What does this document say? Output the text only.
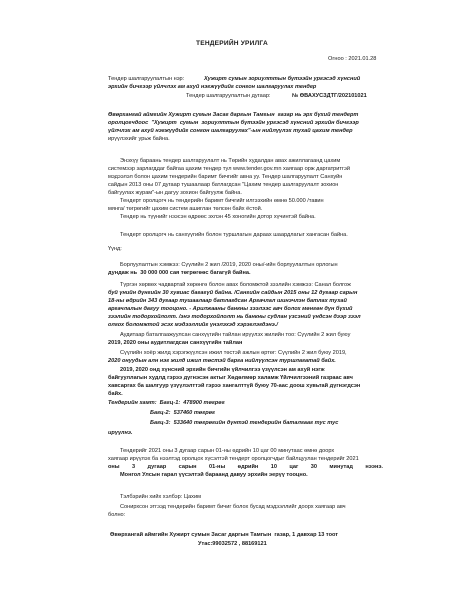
ТЕНДЕРИЙН УРИЛГА
Огноо : 2021.01.28
Тендер шалгаруулалтын нэр:	Хужирт сумын зориулттын бүтээйн ургэсэд хүнсний
эрхийн бичгээр үйлчлэх ам ахуй нэгжүүдийг сонгон шалгаруулах тендер
Тендер шалгаруулалтын дугаар:	№ ӨВАХУСЗДТГ/202101021
Өвөрхангай аймгийн Хужирт сумын Засаг даргын Тамгын  газар нь эрх бүхий тендерт
оролцогчдоос  "Хужирт  сумын  зориулттын бүтээйн ургэсэд хүнсний эрхийн бичгээр
үйлчлэх ам ахуй нэгжүүдийг сонгон шалгаруулах"-ын нийлүүлэх тухай цахим тендер
ирүүлэхийг урьж байна.
Энэхүү бараань тендер шалгаруулалт нь Төрийн худалдан авах ажиллагаанд цахим
системээр зарлагддаг байгаа цахим тендер тул www.tender.gov.mn хаягаар орж даргатритгэй
мэдээлэл болон цахим тендерийн баримт бичгийг авна уу. Тендер шалгаруулалт Санхуйн
сайдын 2013 оны 07 дугаар тушаалаар батлагдсан "Цахим тендер шалгаруулалт зохион
байгуулах журам"-ын дагуу зохион байгуулж байна.
Тендерт оролцогч нь тендерийн баримт бичгийг илгээхийн өмнө 50.000 /тавин
мянга/ төгрөгийг цахим систем ашиглан төлсөн байх ёстой.
Тендер нь түүнийг нээсэн өдрөөс эхлэн 45 хоногийн дотор хүчинтэй байна.
Тендерт оролцогч нь санхүүгийн болон туршлагын дараах шаардлагыг хангасан байна.
Үүнд:
Борлуулалтын хэмжээ: Сүүлийн 2 жил /2019, 2020 оны/-ийн борлуулалтын орлогын
дундаж нь  30 000 000 сая төгрөгөөс багагүй байна.
Түргэн хөрвөх чадвартай хөрөнгө болон авах боломжтой зээлийн хэмжээ: Санал болгож
буй үнийн дүнгийн 30 хувиас багагүй байна. /Сангийн сайдын 2015 оны 12 дугаар сарын
18-ны өдрийн 343 дугаар тушаалаар батлагдсан Аргачлал шинэчлэн батлах тухай
аргачлалын дагуу тооцоно. - Арилжааны банкны зээлээс авч болох мөнгөн дүн бүхий
зээлийн тодорхойлолт. /энэ тодорхойлолт нь банкны судлан үзсэний үндсэн дээр зээл
олгох боломжтой эсэх мэдээллийг үнэлэхэд хэрэглэгдэнэ./
Аудитаар баталгаажуулсан санхүүгийн тайлан ирүүлэх жилийн тоо: Сүүлийн 2 жил буюу
2019, 2020 оны аудитлагдсан санхүүгийн тайлан
Сүүлийн хоёр жилд хэрэгжүүлсэн ижил төстэй ажлын өртөг: Сүүлийн 2 жил буюу 2019,
2020 онуудын алн нэг жилд ижил төстэй барга нийлүүлсэн туршлагатай байх.
2019, 2020 онд хүнсний эрхийн бичгийн үйлчилгээ үзүүлсэн ам ахуй нэгж
байгууллагын худлд гэрээ дүгнэсэн актыг Хөдөлмөр халамж Үйлчилгээний газраас авч
хавсаргах ба шалгуур үзүүлэлттэй гэрээ хангалттүй буюу 70-аас доош хувьтай дүгнэгдсэн
байх.
Тендерийн хамт:  Багц-1:  478900 төгрөг
Багц-2:  537460 төгрөг
Багц-3:  533640 төгрөгийн дүнтэй тендерийн баталгааг тус тус
ирүүлнэ.
Тендерийг 2021 оны 3 дугаар сарын 01-ны өдрийн 10 цаг 00 минутаас өмнө доорх
хаягаар ирүүлэх ба нээлтэд оролцох хүсэлтэй тендерт оролцогчдыг байлцуулан тендерийг 2021
оны        3        дугаар        сарын        01-ны        өдрийн        10        цаг        30        минутад        нээнэ.
Монгол Улсын гарал үүсэлтэй бараанд давуу эрхийн эерүү тооцно.
Тэлбэрийн хийх хэлбэр: Цахим
Сонирхсон этгээд тендерийн баримт бичиг болох бусад мэдээллийг доорх хаягаар авч
болно:
Өвөрхангай аймгийн Хужирт сумын Засаг даргын Тамгын  газар, 1 давхар 13 тоот
Утас:99032572 , 88169121
